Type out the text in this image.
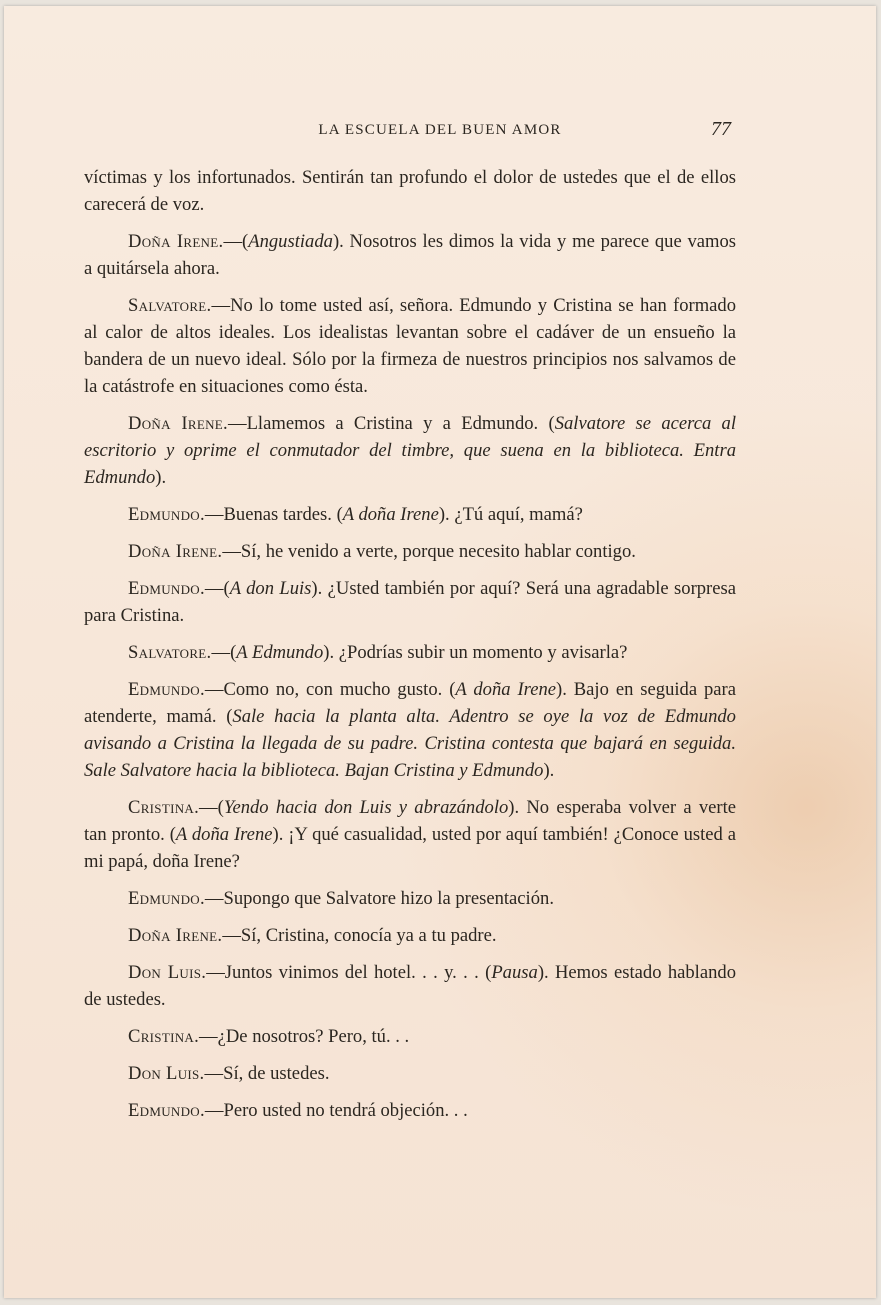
LA ESCUELA DEL BUEN AMOR	77

víctimas y los infortunados. Sentirán tan profundo el dolor de ustedes que el de ellos carecerá de voz.

Doña Irene.—(Angustiada). Nosotros les dimos la vida y me parece que vamos a quitársela ahora.

Salvatore.—No lo tome usted así, señora. Edmundo y Cristina se han formado al calor de altos ideales. Los idealistas levantan sobre el cadáver de un ensueño la bandera de un nuevo ideal. Sólo por la firmeza de nuestros principios nos salvamos de la catástrofe en situaciones como ésta.

Doña Irene.—Llamemos a Cristina y a Edmundo. (Salvatore se acerca al escritorio y oprime el conmutador del timbre, que suena en la biblioteca. Entra Edmundo).

Edmundo.—Buenas tardes. (A doña Irene). ¿Tú aquí, mamá?

Doña Irene.—Sí, he venido a verte, porque necesito hablar contigo.

Edmundo.—(A don Luis). ¿Usted también por aquí? Será una agradable sorpresa para Cristina.

Salvatore.—(A Edmundo). ¿Podrías subir un momento y avisarla?

Edmundo.—Como no, con mucho gusto. (A doña Irene). Bajo en seguida para atenderte, mamá. (Sale hacia la planta alta. Adentro se oye la voz de Edmundo avisando a Cristina la llegada de su padre. Cristina contesta que bajará en seguida. Sale Salvatore hacia la biblioteca. Bajan Cristina y Edmundo).

Cristina.—(Yendo hacia don Luis y abrazándolo). No esperaba volver a verte tan pronto. (A doña Irene). ¡Y qué casualidad, usted por aquí también! ¿Conoce usted a mi papá, doña Irene?

Edmundo.—Supongo que Salvatore hizo la presentación.

Doña Irene.—Sí, Cristina, conocía ya a tu padre.

Don Luis.—Juntos vinimos del hotel. . . y. . . (Pausa). Hemos estado hablando de ustedes.

Cristina.—¿De nosotros? Pero, tú. . .

Don Luis.—Sí, de ustedes.

Edmundo.—Pero usted no tendrá objeción. . .
